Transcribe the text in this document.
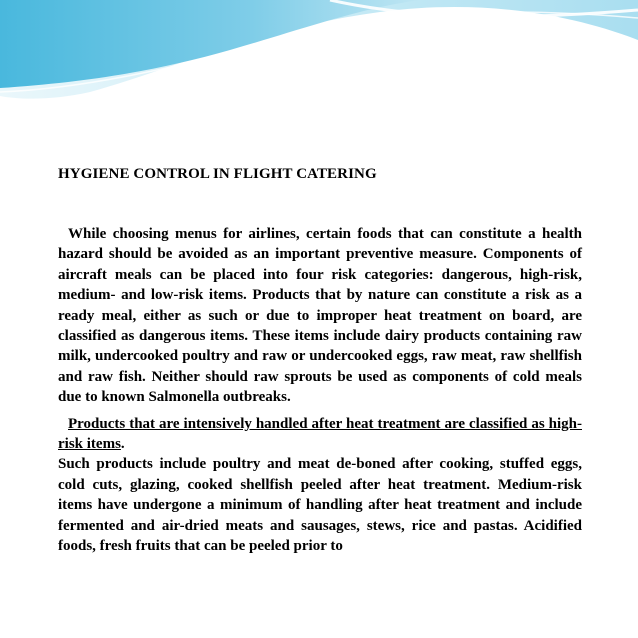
HYGIENE CONTROL IN FLIGHT CATERING

While choosing menus for airlines, certain foods that can constitute a health hazard should be avoided as an important preventive measure. Components of aircraft meals can be placed into four risk categories: dangerous, high-risk, medium- and low-risk items. Products that by nature can constitute a risk as a ready meal, either as such or due to improper heat treatment on board, are classified as dangerous items. These items include dairy products containing raw milk, undercooked poultry and raw or undercooked eggs, raw meat, raw shellfish and raw fish. Neither should raw sprouts be used as components of cold meals due to known Salmonella outbreaks.

Products that are intensively handled after heat treatment are classified as high-risk items.

Such products include poultry and meat de-boned after cooking, stuffed eggs, cold cuts, glazing, cooked shellfish peeled after heat treatment. Medium-risk items have undergone a minimum of handling after heat treatment and include fermented and air-dried meats and sausages, stews, rice and pastas. Acidified foods, fresh fruits that can be peeled prior to
